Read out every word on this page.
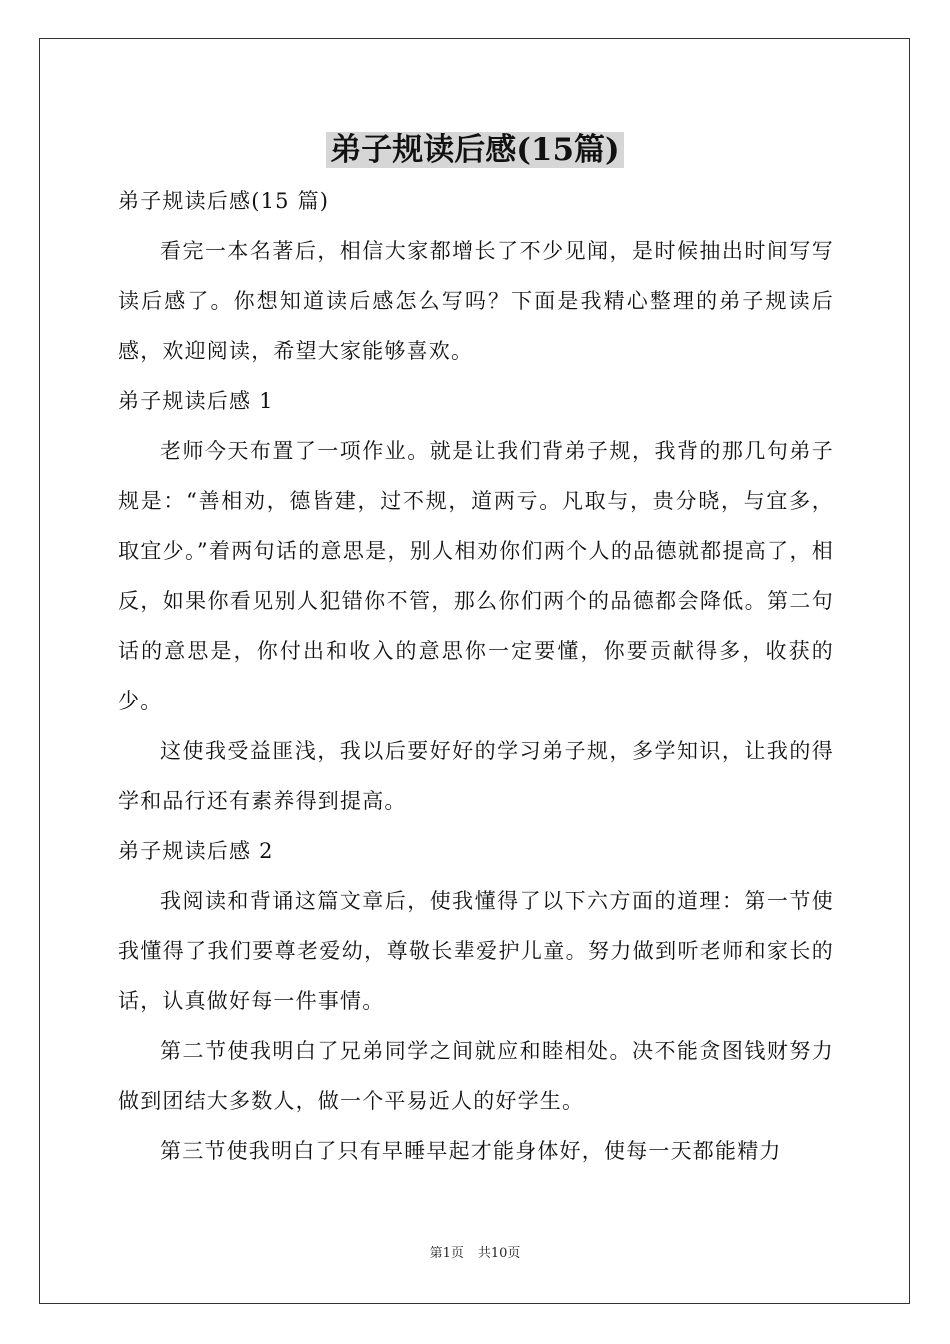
弟子规读后感(15篇)

弟子规读后感(15 篇)

看完一本名著后，相信大家都增长了不少见闻，是时候抽出时间写写读后感了。你想知道读后感怎么写吗？下面是我精心整理的弟子规读后感，欢迎阅读，希望大家能够喜欢。

弟子规读后感 1

老师今天布置了一项作业。就是让我们背弟子规，我背的那几句弟子规是：“善相劝，德皆建，过不规，道两亏。凡取与，贵分晓，与宜多，取宜少。”着两句话的意思是，别人相劝你们两个人的品德就都提高了，相反，如果你看见别人犯错你不管，那么你们两个的品德都会降低。第二句话的意思是，你付出和收入的意思你一定要懂，你要贡献得多，收获的少。

这使我受益匪浅，我以后要好好的学习弟子规，多学知识，让我的得学和品行还有素养得到提高。

弟子规读后感 2

我阅读和背诵这篇文章后，使我懂得了以下六方面的道理：第一节使我懂得了我们要尊老爱幼，尊敬长辈爱护儿童。努力做到听老师和家长的话，认真做好每一件事情。

第二节使我明白了兄弟同学之间就应和睦相处。决不能贪图钱财努力做到团结大多数人，做一个平易近人的好学生。

第三节使我明白了只有早睡早起才能身体好，使每一天都能精力

第1页 共10页
